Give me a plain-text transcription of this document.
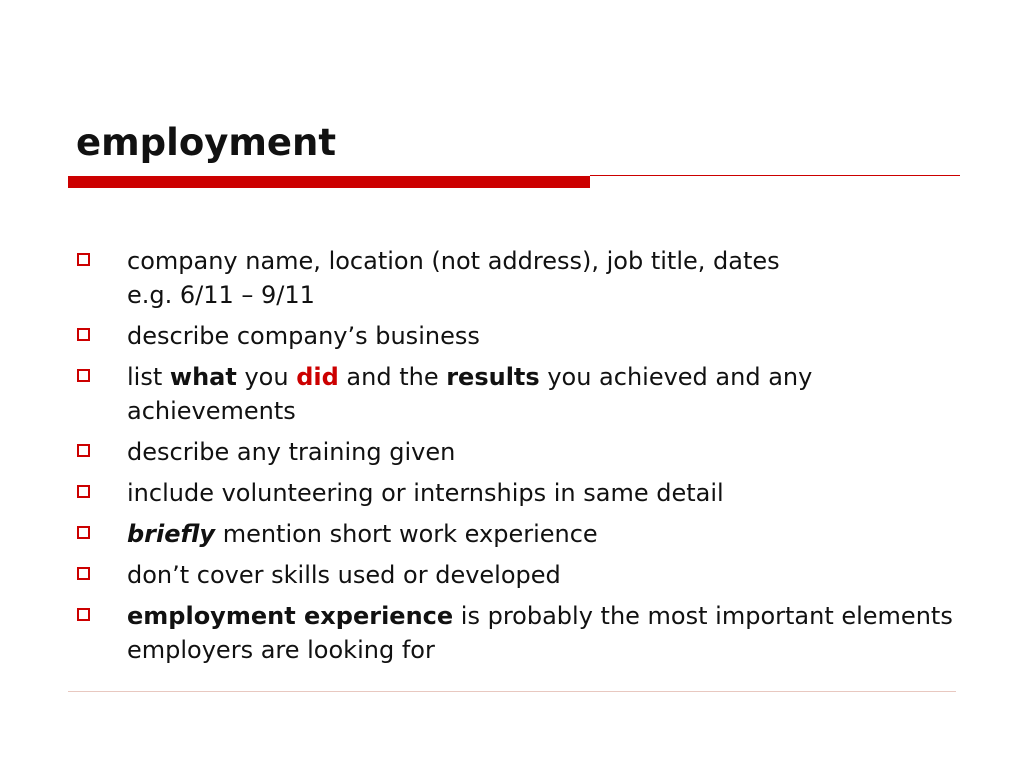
employment
company name, location (not address), job title, dates
e.g. 6/11 – 9/11
describe company’s business
list what you did and the results you achieved and any achievements
describe any training given
include volunteering or internships in same detail
briefly mention short work experience
don’t cover skills used or developed
employment experience is probably the most important elements employers are looking for
